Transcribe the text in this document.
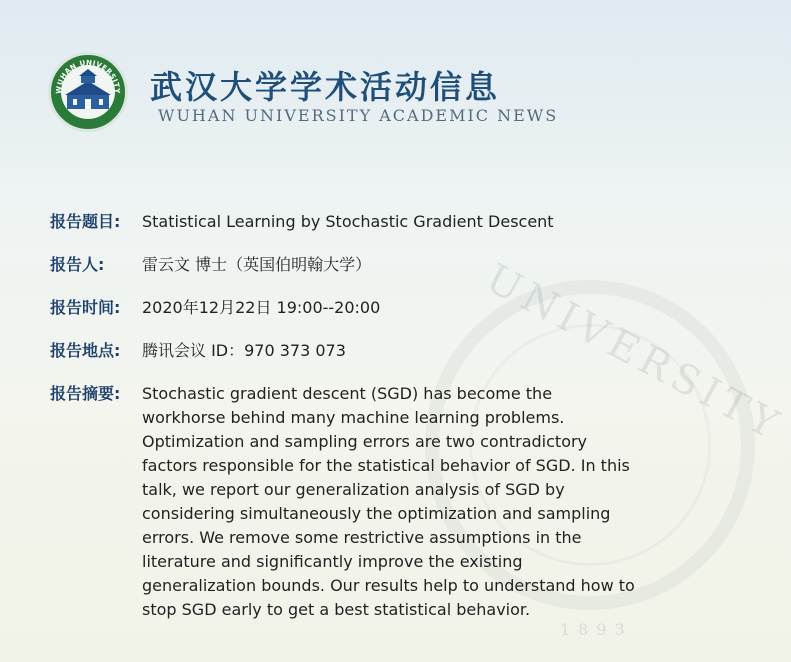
UNIVERSITY
1893
WUHAN UNIVERSITY 武汉大学学术活动信息
WUHAN UNIVERSITY ACADEMIC NEWS
报告题目:	Statistical Learning by Stochastic Gradient Descent
报告人:	雷云文 博士（英国伯明翰大学）
报告时间:	2020年12月22日 19:00--20:00
报告地点:	腾讯会议 ID：970 373 073
报告摘要:	Stochastic gradient descent (SGD) has become the workhorse behind many machine learning problems. Optimization and sampling errors are two contradictory factors responsible for the statistical behavior of SGD. In this talk, we report our generalization analysis of SGD by considering simultaneously the optimization and sampling errors. We remove some restrictive assumptions in the literature and significantly improve the existing generalization bounds. Our results help to understand how to stop SGD early to get a best statistical behavior.
